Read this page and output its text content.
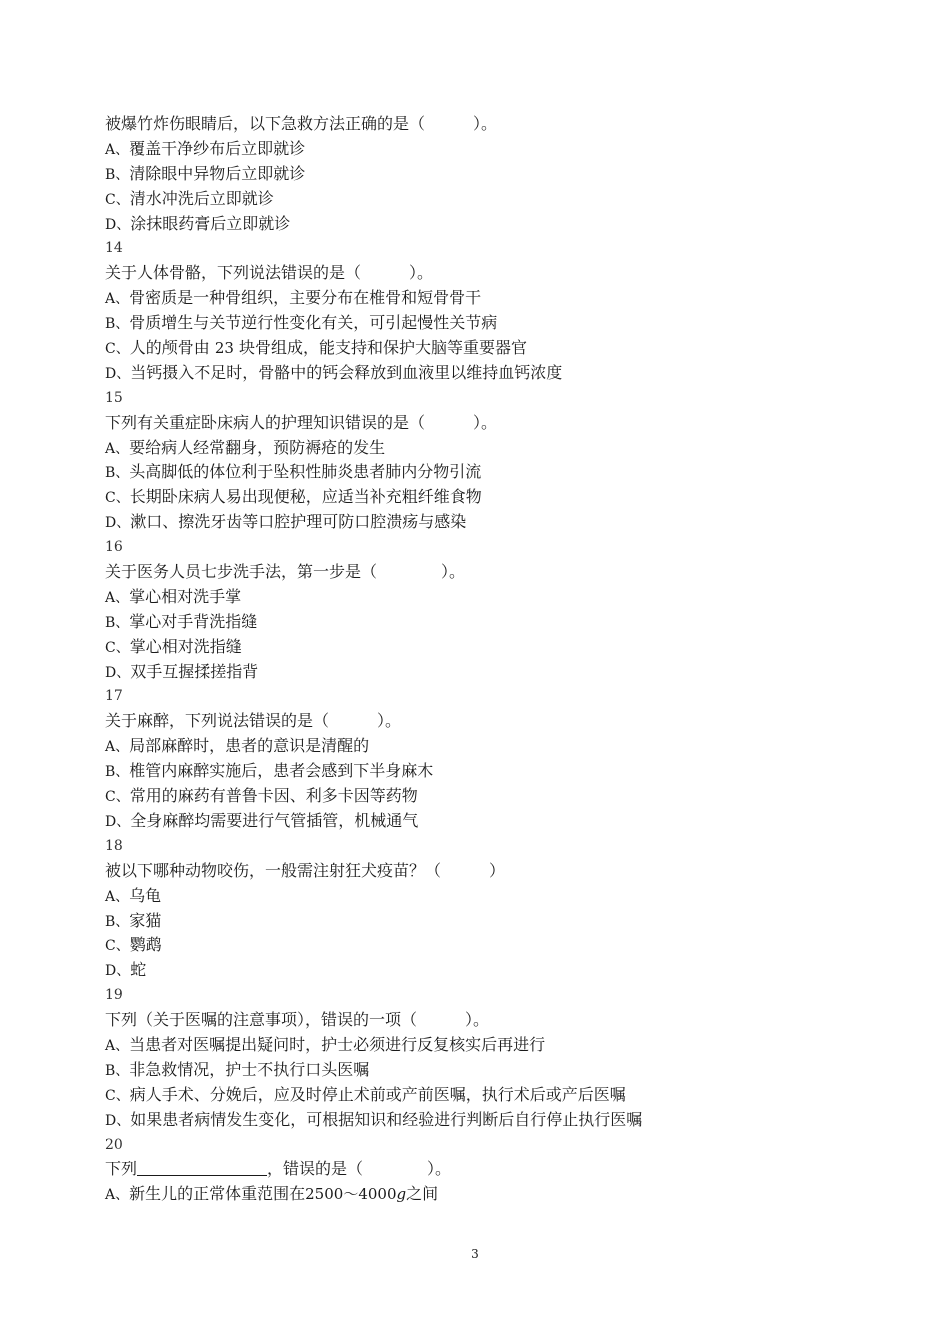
被爆竹炸伤眼睛后，以下急救方法正确的是（　　　）。
A、覆盖干净纱布后立即就诊
B、清除眼中异物后立即就诊
C、清水冲洗后立即就诊
D、涂抹眼药膏后立即就诊
14
关于人体骨骼，下列说法错误的是（　　　）。
A、骨密质是一种骨组织，主要分布在椎骨和短骨骨干
B、骨质增生与关节逆行性变化有关，可引起慢性关节病
C、人的颅骨由 23 块骨组成，能支持和保护大脑等重要器官
D、当钙摄入不足时，骨骼中的钙会释放到血液里以维持血钙浓度
15
下列有关重症卧床病人的护理知识错误的是（　　　）。
A、要给病人经常翻身，预防褥疮的发生
B、头高脚低的体位利于坠积性肺炎患者肺内分物引流
C、长期卧床病人易出现便秘，应适当补充粗纤维食物
D、漱口、擦洗牙齿等口腔护理可防口腔溃疡与感染
16
关于医务人员七步洗手法，第一步是（　　　　）。
A、掌心相对洗手掌
B、掌心对手背洗指缝
C、掌心相对洗指缝
D、双手互握揉搓指背
17
关于麻醉，下列说法错误的是（　　　）。
A、局部麻醉时，患者的意识是清醒的
B、椎管内麻醉实施后，患者会感到下半身麻木
C、常用的麻药有普鲁卡因、利多卡因等药物
D、全身麻醉均需要进行气管插管，机械通气
18
被以下哪种动物咬伤，一般需注射狂犬疫苗？（　　　）
A、乌龟
B、家猫
C、鹦鹉
D、蛇
19
下列（关于医嘱的注意事项），错误的一项（　　　）。
A、当患者对医嘱提出疑问时，护士必须进行反复核实后再进行
B、非急救情况，护士不执行口头医嘱
C、病人手术、分娩后，应及时停止术前或产前医嘱，执行术后或产后医嘱
D、如果患者病情发生变化，可根据知识和经验进行判断后自行停止执行医嘱
20
下列	，错误的是（　　　　）。
A、新生儿的正常体重范围在2500～4000g之间
3
